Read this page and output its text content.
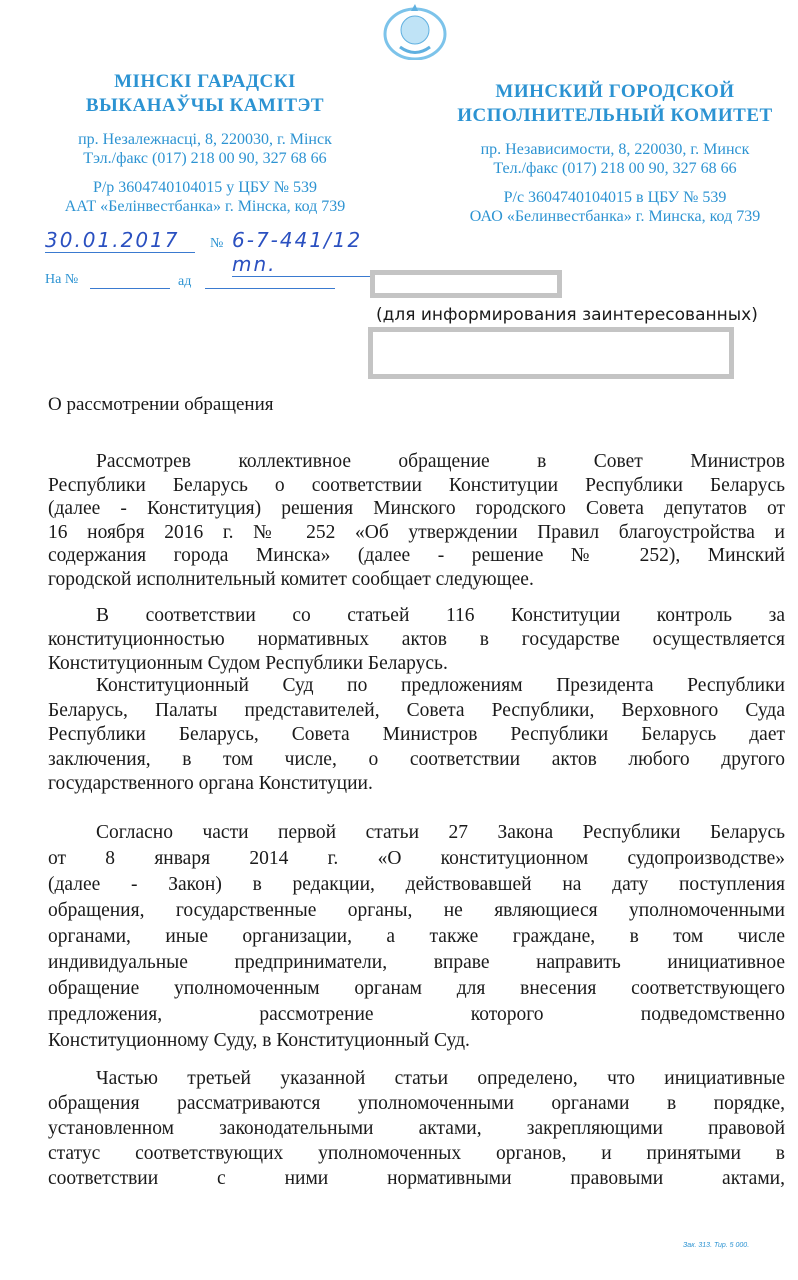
МІНСКІ ГАРАДСКІ
ВЫКАНАЎЧЫ КАМІТЭТ
пр. Незалежнасці, 8, 220030, г. Мінск
Тэл./факс (017) 218 00 90, 327 68 66
Р/р 3604740104015 у ЦБУ № 539
ААТ «Белінвестбанка» г. Мінска, код 739
МИНСКИЙ ГОРОДСКОЙ
ИСПОЛНИТЕЛЬНЫЙ КОМИТЕТ
пр. Независимости, 8, 220030, г. Минск
Тел./факс (017) 218 00 90, 327 68 66
Р/с 3604740104015 в ЦБУ № 539
ОАО «Белинвестбанка» г. Минска, код 739
30.01.2017	№ 6-7-441/12 mn.
На №	ад
(для информирования заинтересованных)
О рассмотрении обращения
Рассмотрев коллективное обращение в Совет Министров
Республики Беларусь о соответствии Конституции Республики Беларусь
(далее - Конституция) решения Минского городского Совета депутатов от
16 ноября 2016 г. № 252 «Об утверждении Правил благоустройства и
содержания города Минска» (далее - решение № 252), Минский
городской исполнительный комитет сообщает следующее.
В соответствии со статьей 116 Конституции контроль за
конституционностью нормативных актов в государстве осуществляется
Конституционным Судом Республики Беларусь.
Конституционный Суд по предложениям Президента Республики
Беларусь, Палаты представителей, Совета Республики, Верховного Суда
Республики Беларусь, Совета Министров Республики Беларусь дает
заключения, в том числе, о соответствии актов любого другого
государственного органа Конституции.
Согласно части первой статьи 27 Закона Республики Беларусь
от 8 января 2014 г. «О конституционном судопроизводстве»
(далее - Закон) в редакции, действовавшей на дату поступления
обращения, государственные органы, не являющиеся уполномоченными
органами, иные организации, а также граждане, в том числе
индивидуальные предприниматели, вправе направить инициативное
обращение уполномоченным органам для внесения соответствующего
предложения, рассмотрение которого подведомственно
Конституционному Суду, в Конституционный Суд.
Частью третьей указанной статьи определено, что инициативные
обращения рассматриваются уполномоченными органами в порядке,
установленном законодательными актами, закрепляющими правовой
статус соответствующих уполномоченных органов, и принятыми в
соответствии с ними нормативными правовыми актами,
Зак. 313. Тир. 5 000.
